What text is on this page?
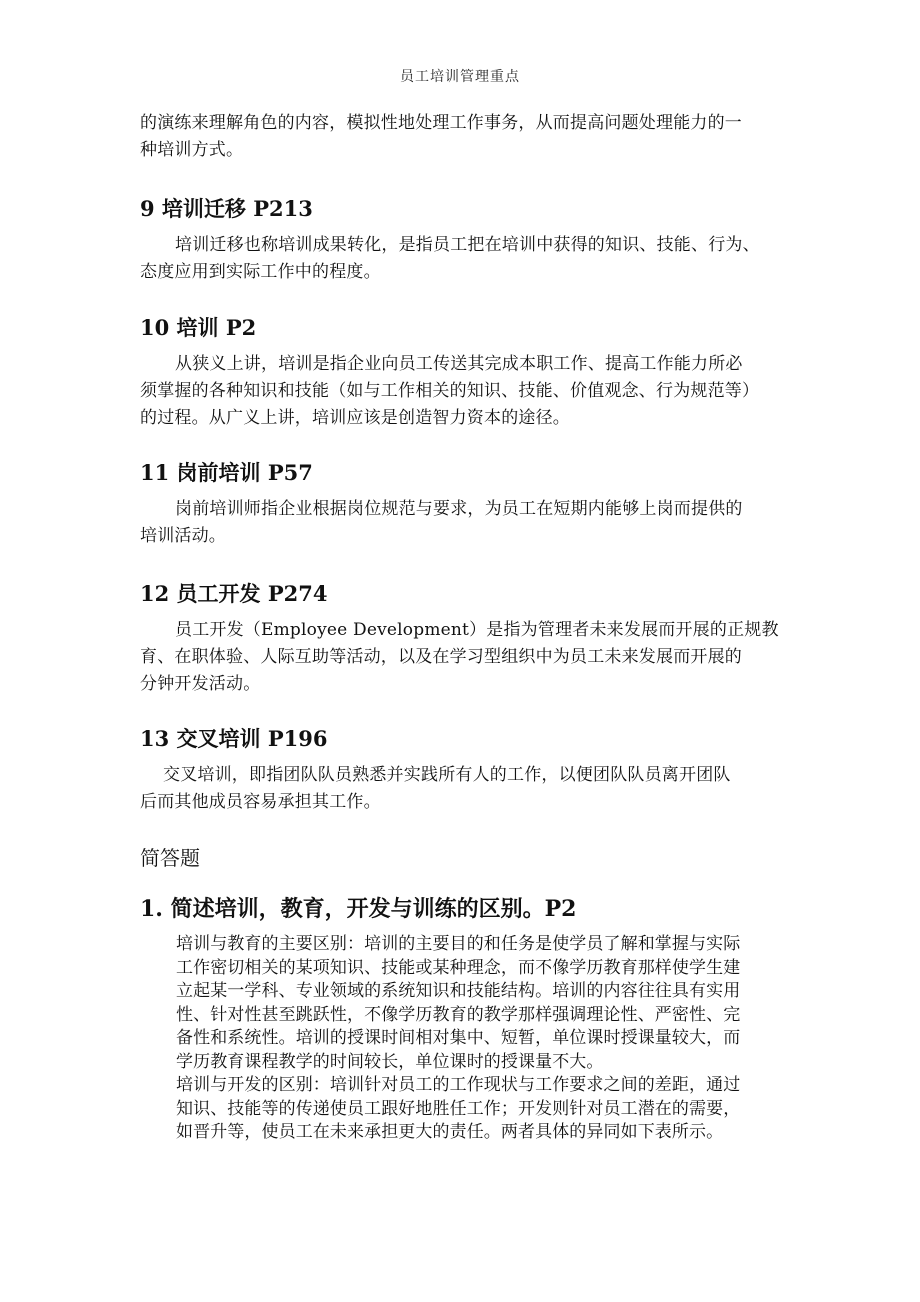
员工培训管理重点

的演练来理解角色的内容，模拟性地处理工作事务，从而提高问题处理能力的一

种培训方式。

9 培训迁移 P213

培训迁移也称培训成果转化，是指员工把在培训中获得的知识、技能、行为、

态度应用到实际工作中的程度。

10 培训 P2

从狭义上讲，培训是指企业向员工传送其完成本职工作、提高工作能力所必

须掌握的各种知识和技能（如与工作相关的知识、技能、价值观念、行为规范等）

的过程。从广义上讲，培训应该是创造智力资本的途径。

11 岗前培训 P57

岗前培训师指企业根据岗位规范与要求，为员工在短期内能够上岗而提供的

培训活动。

12 员工开发 P274

员工开发（Employee Development）是指为管理者未来发展而开展的正规教

育、在职体验、人际互助等活动，以及在学习型组织中为员工未来发展而开展的

分钟开发活动。

13 交叉培训 P196

交叉培训，即指团队队员熟悉并实践所有人的工作，以便团队队员离开团队

后而其他成员容易承担其工作。

简答题
1. 简述培训，教育，开发与训练的区别。P2

培训与教育的主要区别：培训的主要目的和任务是使学员了解和掌握与实际

工作密切相关的某项知识、技能或某种理念，而不像学历教育那样使学生建

立起某一学科、专业领域的系统知识和技能结构。培训的内容往往具有实用

性、针对性甚至跳跃性，不像学历教育的教学那样强调理论性、严密性、完

备性和系统性。培训的授课时间相对集中、短暂，单位课时授课量较大，而

学历教育课程教学的时间较长，单位课时的授课量不大。

培训与开发的区别：培训针对员工的工作现状与工作要求之间的差距，通过

知识、技能等的传递使员工跟好地胜任工作；开发则针对员工潜在的需要，

如晋升等，使员工在未来承担更大的责任。两者具体的异同如下表所示。
